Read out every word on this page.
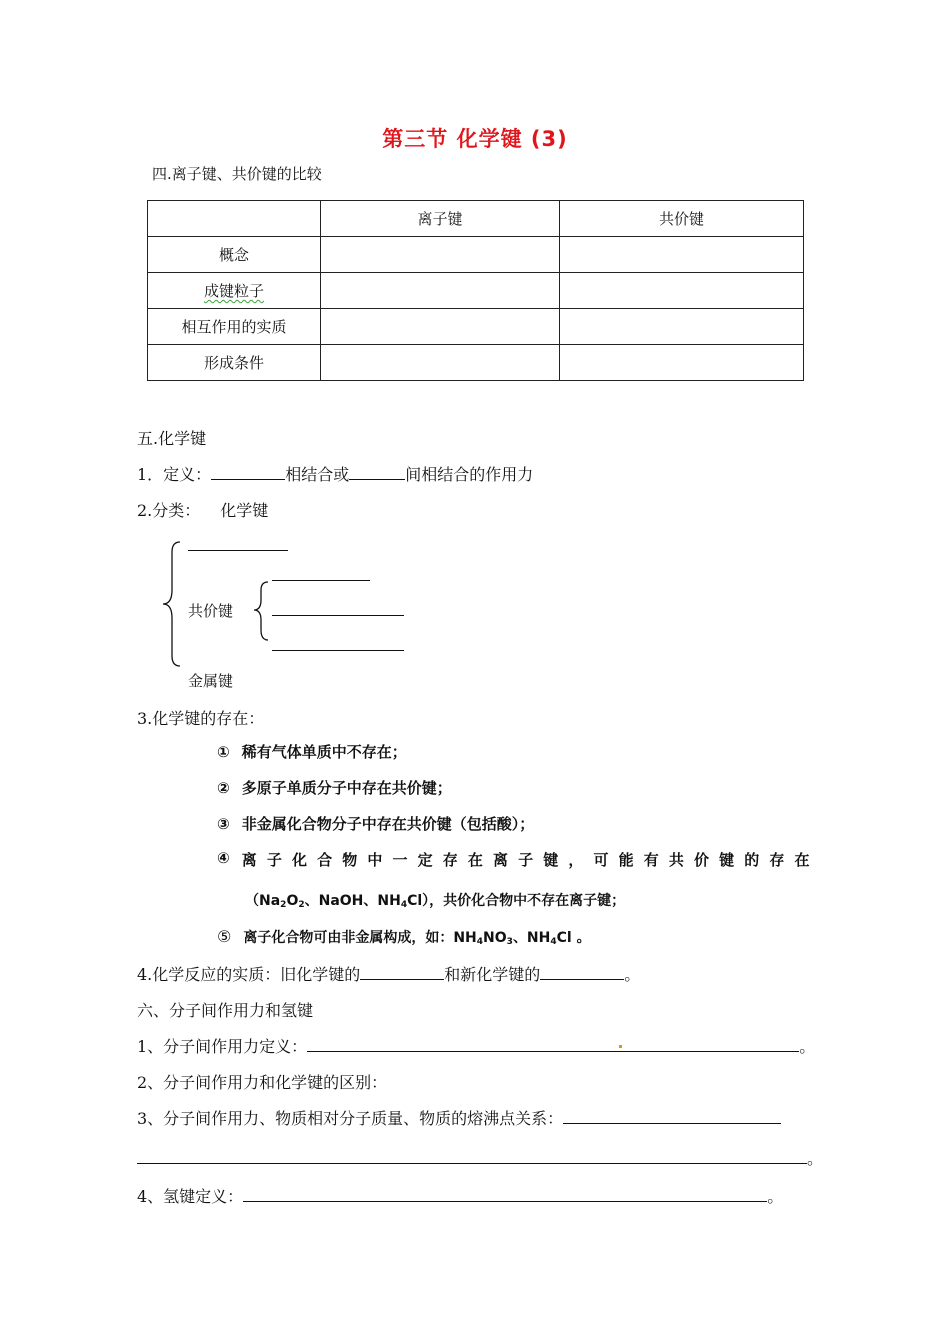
第三节 化学键 (3)
四.离子键、共价键的比较
	离子键	共价键
概念		
成键粒子		
相互作用的实质		
形成条件		
五.化学键
1．定义：	相结合或	间相结合的作用力
2.分类： 化学键
共价键
金属键
3.化学键的存在：
① 稀有气体单质中不存在；
② 多原子单质分子中存在共价键；
③ 非金属化合物分子中存在共价键（包括酸）；
④ 离 子 化 合 物 中 一 定 存 在 离 子 键 ， 可 能 有 共 价 键 的 存 在
（$Na_2O_2$、NaOH、$NH_4Cl$），共价化合物中不存在离子键；
⑤ 离子化合物可由非金属构成，如：$NH_4NO_3$、$NH_4Cl$ 。
4.化学反应的实质：旧化学键的	和新化学键的	。
六、分子间作用力和氢键
1、分子间作用力定义：	。
2、分子间作用力和化学键的区别：
3、分子间作用力、物质相对分子质量、物质的熔沸点关系：
。
4、氢键定义：	。
